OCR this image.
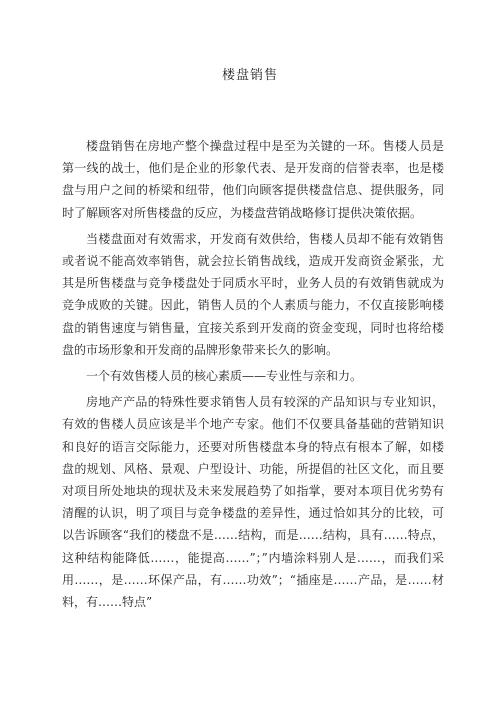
楼盘销售

楼盘销售在房地产整个操盘过程中是至为关键的一环。售楼人员是第一线的战士，他们是企业的形象代表、是开发商的信誉表率，也是楼盘与用户之间的桥梁和纽带，他们向顾客提供楼盘信息、提供服务，同时了解顾客对所售楼盘的反应，为楼盘营销战略修订提供决策依据。

当楼盘面对有效需求，开发商有效供给，售楼人员却不能有效销售或者说不能高效率销售，就会拉长销售战线，造成开发商资金紧张，尤其是所售楼盘与竞争楼盘处于同质水平时，业务人员的有效销售就成为竞争成败的关键。因此，销售人员的个人素质与能力，不仅直接影响楼盘的销售速度与销售量，宜接关系到开发商的资金变现，同时也将给楼盘的市场形象和开发商的品牌形象带来长久的影响。

一个有效售楼人员的核心素质——专业性与亲和力。

房地产产品的特殊性要求销售人员有较深的产品知识与专业知识，有效的售楼人员应该是半个地产专家。他们不仅要具备基础的营销知识和良好的语言交际能力，还要对所售楼盘本身的特点有根本了解，如楼盘的规划、风格、景观、户型设计、功能，所提倡的社区文化，而且要对项目所处地块的现状及未来发展趋势了如指掌，要对本项目优劣势有清醒的认识，明了项目与竞争楼盘的差异性，通过恰如其分的比较，可以告诉顾客“我们的楼盘不是……结构，而是……结构，具有……特点，这种结构能降低……，能提高……”；”内墙涂料别人是……，而我们采用……，是……环保产品，有……功效”；“插座是……产品，是……材料，有……特点”
